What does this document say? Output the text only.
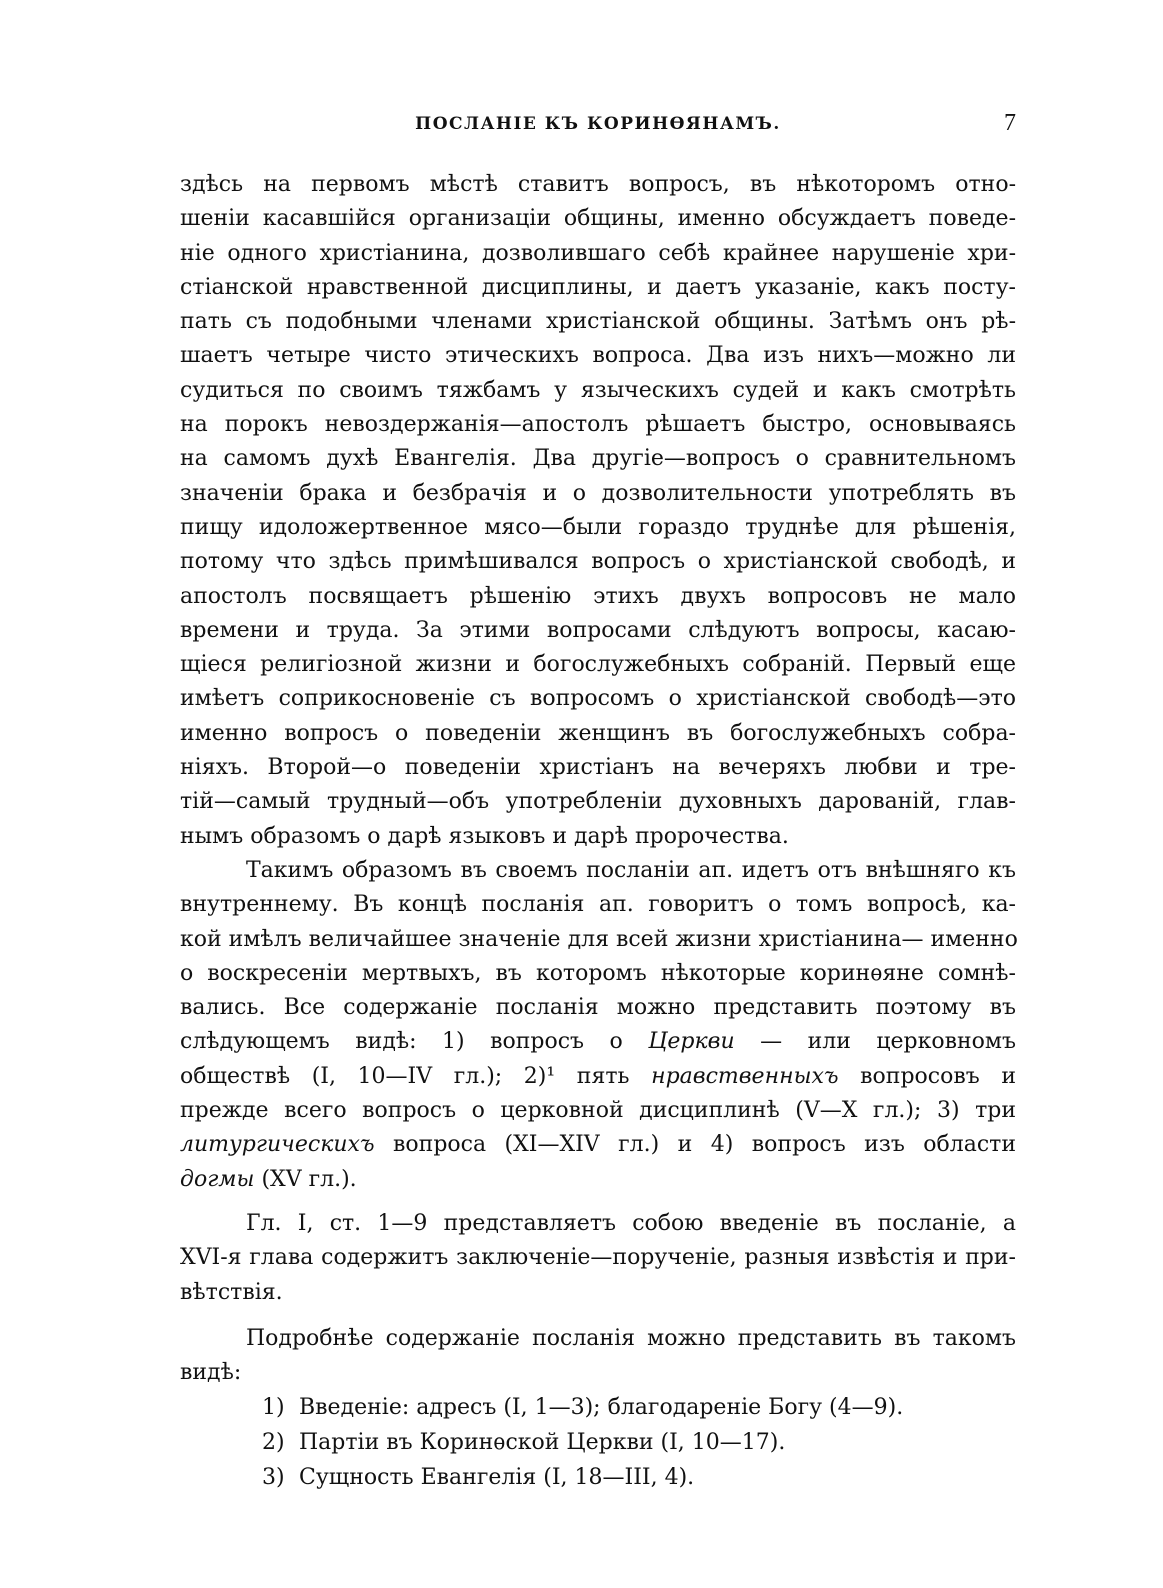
ПОСЛАНІЕ КЪ КОРИНѲЯНАМЪ.	7

здѣсь на первомъ мѣстѣ ставитъ вопросъ, въ нѣкоторомъ отно-
шеніи касавшійся организаціи общины, именно обсуждаетъ поведе-
ніе одного христіанина, дозволившаго себѣ крайнее нарушеніе хри-
стіанской нравственной дисциплины, и даетъ указаніе, какъ посту-
пать съ подобными членами христіанской общины. Затѣмъ онъ рѣ-
шаетъ четыре чисто этическихъ вопроса. Два изъ нихъ—можно ли
судиться по своимъ тяжбамъ у языческихъ судей и какъ смотрѣть
на порокъ невоздержанія—апостолъ рѣшаетъ быстро, основываясь
на самомъ духѣ Евангелія. Два другіе—вопросъ о сравнительномъ
значеніи брака и безбрачія и о дозволительности употреблять въ
пищу идоложертвенное мясо—были гораздо труднѣе для рѣшенія,
потому что здѣсь примѣшивался вопросъ о христіанской свободѣ, и
апостолъ посвящаетъ рѣшенію этихъ двухъ вопросовъ не мало
времени и труда. За этими вопросами слѣдуютъ вопросы, касаю-
щіеся религіозной жизни и богослужебныхъ собраній. Первый еще
имѣетъ соприкосновеніе съ вопросомъ о христіанской свободѣ—это
именно вопросъ о поведеніи женщинъ въ богослужебныхъ собра-
ніяхъ. Второй—о поведеніи христіанъ на вечеряхъ любви и тре-
тій—самый трудный—объ употребленіи духовныхъ дарованій, глав-
нымъ образомъ о дарѣ языковъ и дарѣ пророчества.

Такимъ образомъ въ своемъ посланіи ап. идетъ отъ внѣшняго къ
внутреннему. Въ концѣ посланія ап. говоритъ о томъ вопросѣ, ка-
кой имѣлъ величайшее значеніе для всей жизни христіанина— именно
о воскресеніи мертвыхъ, въ которомъ нѣкоторые коринѳяне сомнѣ-
вались. Все содержаніе посланія можно представить поэтому въ
слѣдующемъ видѣ: 1) вопросъ о Церкви — или церковномъ
обществѣ (I, 10—IV гл.); 2)¹ пять нравственныхъ вопросовъ и
прежде всего вопросъ о церковной дисциплинѣ (V—X гл.); 3) три
литургическихъ вопроса (XI—XIV гл.) и 4) вопросъ изъ области
догмы (XV гл.).

Гл. I, ст. 1—9 представляетъ собою введеніе въ посланіе, а
XVI-я глава содержитъ заключеніе—порученіе, разныя извѣстія и при-
вѣтствія.

Подробнѣе содержаніе посланія можно представить въ такомъ
видѣ:

1) Введеніе: адресъ (I, 1—3); благодареніе Богу (4—9).
2) Партіи въ Коринѳской Церкви (I, 10—17).
3) Сущность Евангелія (I, 18—III, 4).
